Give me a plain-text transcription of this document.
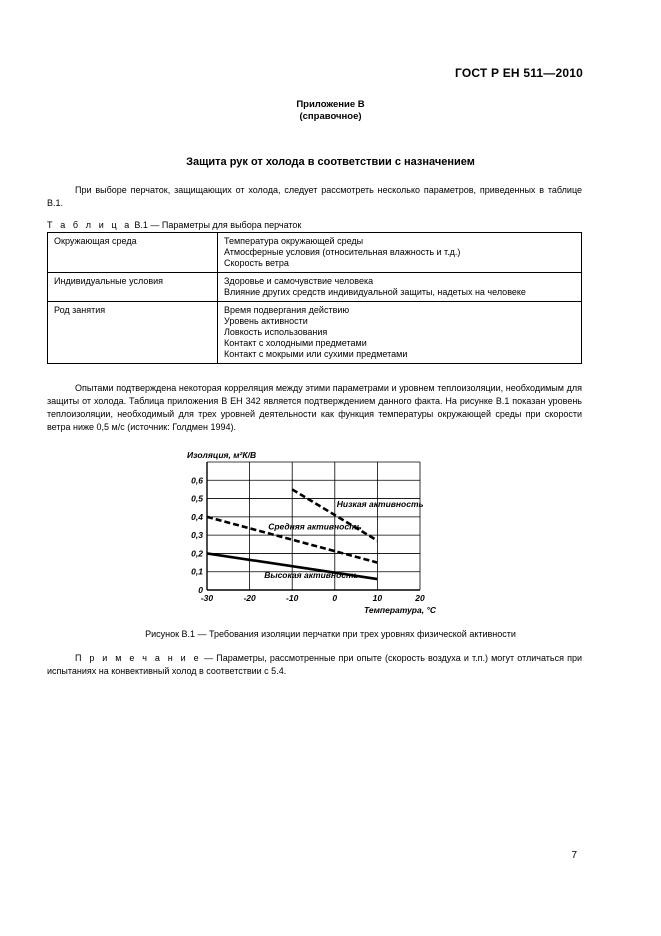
ГОСТ Р ЕН 511—2010
Приложение В
(справочное)
Защита рук от холода в соответствии с назначением
При выборе перчаток, защищающих от холода, следует рассмотреть несколько параметров, приведенных в таблице В.1.
Т а б л и ц а В.1 — Параметры для выбора перчаток
Окружающая среда	Температура окружающей среды
Атмосферные условия (относительная влажность и т.д.)
Скорость ветра

Индивидуальные условия	Здоровье и самочувствие человека
Влияние других средств индивидуальной защиты, надетых на человеке

Род занятия	Время подвергания действию
Уровень активности
Ловкость использования
Контакт с холодными предметами
Контакт с мокрыми или сухими предметами
Опытами подтверждена некоторая корреляция между этими параметрами и уровнем теплоизоляции, необходимым для защиты от холода. Таблица приложения В ЕН 342 является подтверждением данного факта. На рисунке В.1 показан уровень теплоизоляции, необходимый для трех уровней деятельности как функция температуры окружающей среды при скорости ветра ниже 0,5 м/с (источник: Голдмен 1994).
0
0,1
0,2
0,3
0,4
0,5
0,6
-30	-20	-10	0	10	20
Изоляция, м²К/В
Температура, °С
Низкая активность
Средняя активность
Высокая активность
Рисунок В.1 — Требования изоляции перчатки при трех уровнях физической активности
П р и м е ч а н и е — Параметры, рассмотренные при опыте (скорость воздуха и т.п.) могут отличаться при испытаниях на конвективный холод в соответствии с 5.4.
7
